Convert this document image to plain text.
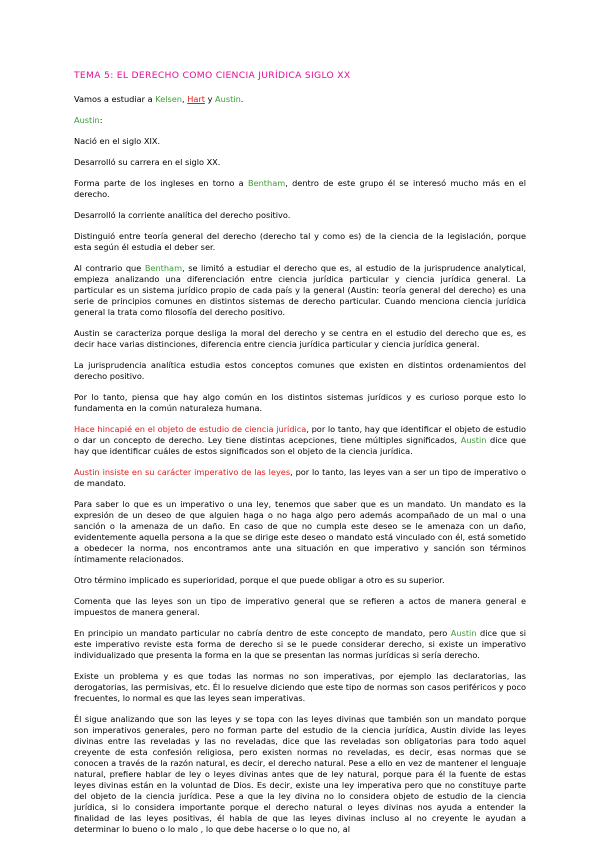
TEMA 5: EL DERECHO COMO CIENCIA JURÍDICA SIGLO XX

Vamos a estudiar a Kelsen, Hart y Austin.

Austin:

Nació en el siglo XIX.

Desarrolló su carrera en el siglo XX.

Forma parte de los ingleses en torno a Bentham, dentro de este grupo él se interesó mucho más en el derecho.

Desarrolló la corriente analítica del derecho positivo.

Distinguió entre teoría general del derecho (derecho tal y como es) de la ciencia de la legislación, porque esta según él estudia el deber ser.

Al contrario que Bentham, se limitó a estudiar el derecho que es, al estudio de la jurisprudence analytical, empieza analizando una diferenciación entre ciencia jurídica particular y ciencia jurídica general. La particular es un sistema jurídico propio de cada país y la general (Austin: teoría general del derecho) es una serie de principios comunes en distintos sistemas de derecho particular. Cuando menciona ciencia jurídica general la trata como filosofía del derecho positivo.

Austin se caracteriza porque desliga la moral del derecho y se centra en el estudio del derecho que es, es decir hace varias distinciones, diferencia entre ciencia jurídica particular y ciencia jurídica general.

La jurisprudencia analítica estudia estos conceptos comunes que existen en distintos ordenamientos del derecho positivo.

Por lo tanto, piensa que hay algo común en los distintos sistemas jurídicos y es curioso porque esto lo fundamenta en la común naturaleza humana.

Hace hincapié en el objeto de estudio de ciencia jurídica, por lo tanto, hay que identificar el objeto de estudio o dar un concepto de derecho. Ley tiene distintas acepciones, tiene múltiples significados, Austin dice que hay que identificar cuáles de estos significados son el objeto de la ciencia jurídica.

Austin insiste en su carácter imperativo de las leyes, por lo tanto, las leyes van a ser un tipo de imperativo o de mandato.

Para saber lo que es un imperativo o una ley, tenemos que saber que es un mandato. Un mandato es la expresión de un deseo de que alguien haga o no haga algo pero además acompañado de un mal o una sanción o la amenaza de un daño. En caso de que no cumpla este deseo se le amenaza con un daño, evidentemente aquella persona a la que se dirige este deseo o mandato está vinculado con él, está sometido a obedecer la norma, nos encontramos ante una situación en que imperativo y sanción son términos íntimamente relacionados.

Otro término implicado es superioridad, porque el que puede obligar a otro es su superior.

Comenta que las leyes son un tipo de imperativo general que se refieren a actos de manera general e impuestos de manera general.

En principio un mandato particular no cabría dentro de este concepto de mandato, pero Austin dice que si este imperativo reviste esta forma de derecho si se le puede considerar derecho, si existe un imperativo individualizado que presenta la forma en la que se presentan las normas jurídicas si sería derecho.

Existe un problema y es que todas las normas no son imperativas, por ejemplo las declaratorias, las derogatorias, las permisivas, etc. Él lo resuelve diciendo que este tipo de normas son casos periféricos y poco frecuentes, lo normal es que las leyes sean imperativas.

Él sigue analizando que son las leyes y se topa con las leyes divinas que también son un mandato porque son imperativos generales, pero no forman parte del estudio de la ciencia jurídica, Austin divide las leyes divinas entre las reveladas y las no reveladas, dice que las reveladas son obligatorias para todo aquel creyente de esta confesión religiosa, pero existen normas no reveladas, es decir, esas normas que se conocen a través de la razón natural, es decir, el derecho natural. Pese a ello en vez de mantener el lenguaje natural, prefiere hablar de ley o leyes divinas antes que de ley natural, porque para él la fuente de estas leyes divinas están en la voluntad de Dios. Es decir, existe una ley imperativa pero que no constituye parte del objeto de la ciencia jurídica. Pese a que la ley divina no lo considera objeto de estudio de la ciencia jurídica, si lo considera importante porque el derecho natural o leyes divinas nos ayuda a entender la finalidad de las leyes positivas, él habla de que las leyes divinas incluso al no creyente le ayudan a determinar lo bueno o lo malo , lo que debe hacerse o lo que no, al
